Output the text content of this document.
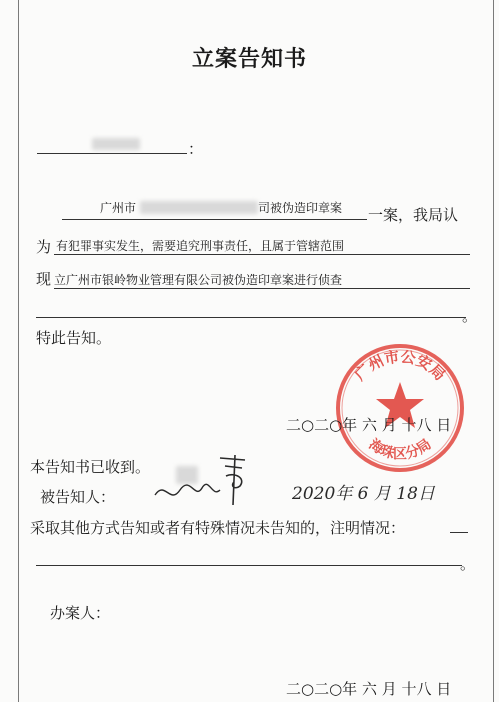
立案告知书
：
广州市	司被伪造印章案 一案，我局认
为 有犯罪事实发生，需要追究刑事责任，且属于管辖范围
现 立广州市银岭物业管理有限公司被伪造印章案进行侦查
。
特此告知。
广州市公安局
海珠区分局
二○二○年 六 月 十八 日
本告知书已收到。
被告知人：	2020年 6 月 18日
采取其他方式告知或者有特殊情况未告知的，注明情况：
。
办案人：
二○二○年 六 月 十八 日
